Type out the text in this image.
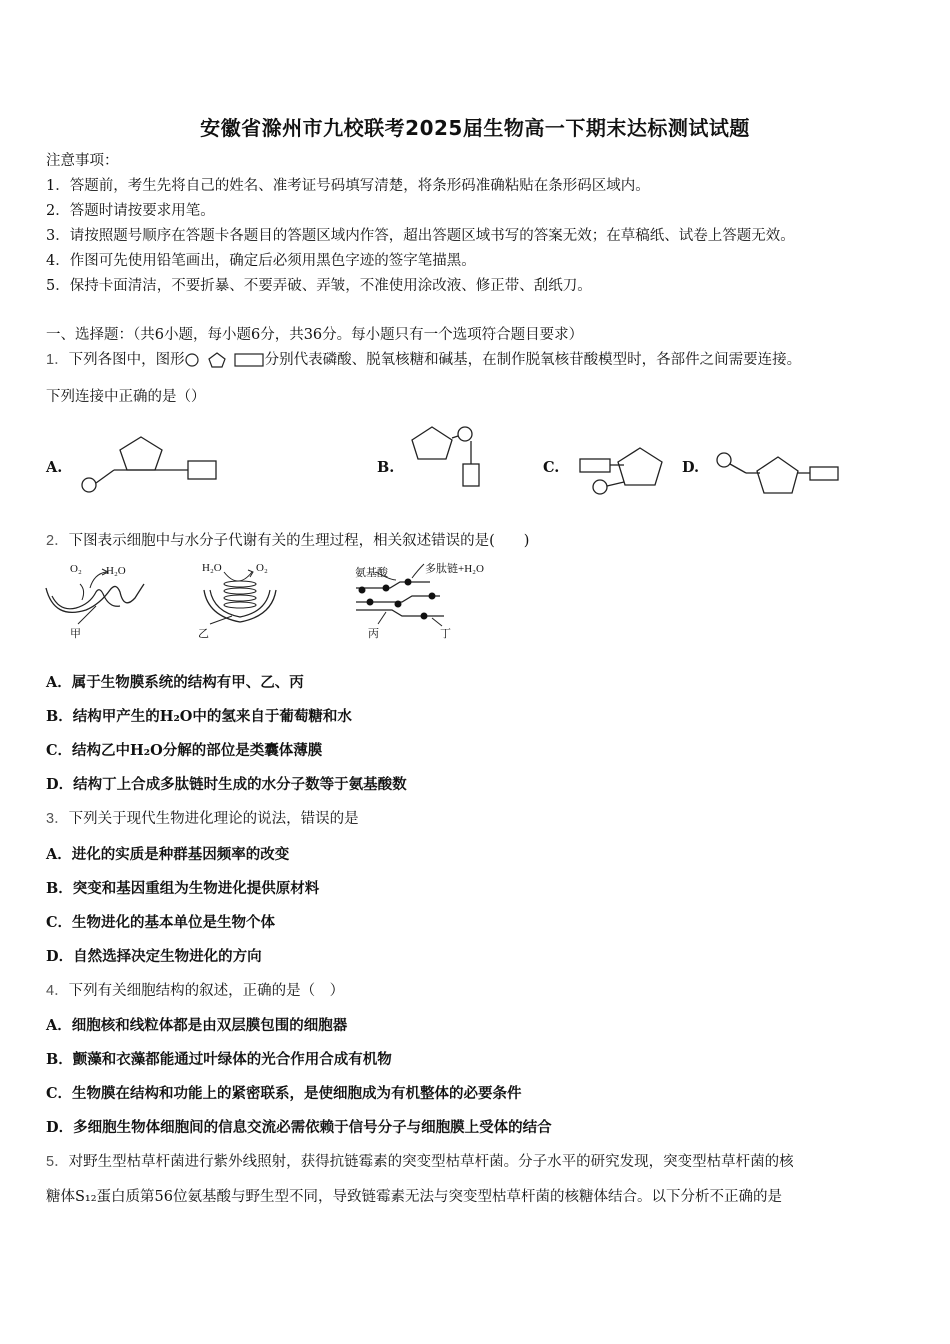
安徽省滁州市九校联考2025届生物高一下期末达标测试试题
注意事项：
1．答题前，考生先将自己的姓名、准考证号码填写清楚，将条形码准确粘贴在条形码区域内。
2．答题时请按要求用笔。
3．请按照题号顺序在答题卡各题目的答题区域内作答，超出答题区域书写的答案无效；在草稿纸、试卷上答题无效。
4．作图可先使用铅笔画出，确定后必须用黑色字迹的签字笔描黑。
5．保持卡面清洁，不要折暴、不要弄破、弄皱，不准使用涂改液、修正带、刮纸刀。
一、选择题：（共6小题，每小题6分，共36分。每小题只有一个选项符合题目要求）
1．下列各图中，图形	分别代表磷酸、脱氧核糖和碱基，在制作脱氧核苷酸模型时，各部件之间需要连接。
下列连接中正确的是（）
A.	B.	C.	D.
2．下图表示细胞中与水分子代谢有关的生理过程，相关叙述错误的是(　　)
O₂ H₂O
甲
H₂O	O₂
乙
氨基酸	多肽链+H₂O
丙	丁
A．属于生物膜系统的结构有甲、乙、丙
B．结构甲产生的H₂O中的氢来自于葡萄糖和水
C．结构乙中H₂O分解的部位是类囊体薄膜
D．结构丁上合成多肽链时生成的水分子数等于氨基酸数
3．下列关于现代生物进化理论的说法，错误的是
A．进化的实质是种群基因频率的改变
B．突变和基因重组为生物进化提供原材料
C．生物进化的基本单位是生物个体
D．自然选择决定生物进化的方向
4．下列有关细胞结构的叙述，正确的是（　）
A．细胞核和线粒体都是由双层膜包围的细胞器
B．颤藻和衣藻都能通过叶绿体的光合作用合成有机物
C．生物膜在结构和功能上的紧密联系，是使细胞成为有机整体的必要条件
D．多细胞生物体细胞间的信息交流必需依赖于信号分子与细胞膜上受体的结合
5．对野生型枯草杆菌进行紫外线照射，获得抗链霉素的突变型枯草杆菌。分子水平的研究发现，突变型枯草杆菌的核
糖体S₁₂蛋白质第56位氨基酸与野生型不同，导致链霉素无法与突变型枯草杆菌的核糖体结合。以下分析不正确的是
